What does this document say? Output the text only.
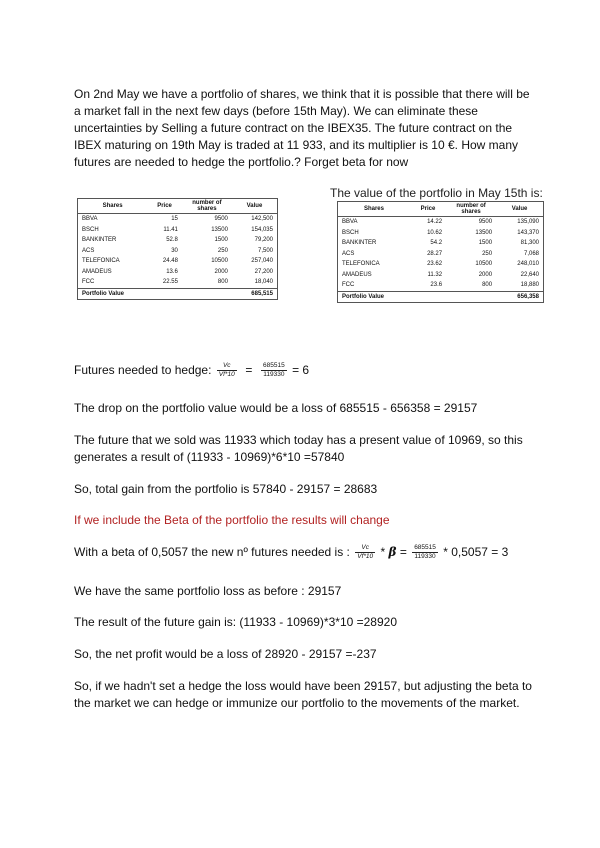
On 2nd May we have a portfolio of shares, we think that it is possible that there will be a market fall in the next few days (before 15th May). We can eliminate these uncertainties by Selling a future contract on the IBEX35. The future contract on the IBEX maturing on 19th May is traded at 11 933, and its multiplier is 10 €. How many futures are needed to hedge the portfolio.? Forget beta for now
Shares	Price	number of shares	Value
BBVA	15	9500	142,500
BSCH	11.41	13500	154,035
BANKINTER	52.8	1500	79,200
ACS	30	250	7,500
TELEFONICA	24.48	10500	257,040
AMADEUS	13.6	2000	27,200
FCC	22.55	800	18,040
Portfolio Value			685,515
The value of the portfolio in May 15th is:
Shares	Price	number of shares	Value
BBVA	14.22	9500	135,090
BSCH	10.62	13500	143,370
BANKINTER	54.2	1500	81,300
ACS	28.27	250	7,068
TELEFONICA	23.62	10500	248,010
AMADEUS	11.32	2000	22,640
FCC	23.6	800	18,880
Portfolio Value			656,358
Futures needed to hedge: $\frac{Vc}{Vf*10} = \frac{685515}{119330} = 6$
The drop on the portfolio value would be a loss of 685515 - 656358 = 29157
The future that we sold was 11933 which today has a present value of 10969, so this generates a result of (11933 - 10969)*6*10 =57840
So, total gain from the portfolio is 57840 - 29157 = 28683
If we include the Beta of the portfolio the results will change
With a beta of 0,5057 the new nº futures needed is : $\frac{Vc}{Vf*10} * \beta = \frac{685515}{119330} * 0,5057 = 3$
We have the same portfolio loss as before : 29157
The result of the future gain is: (11933 - 10969)*3*10 =28920
So, the net profit would be a loss of 28920 - 29157 =-237
So, if we hadn't set a hedge the loss would have been 29157, but adjusting the beta to the market we can hedge or immunize our portfolio to the movements of the market.
